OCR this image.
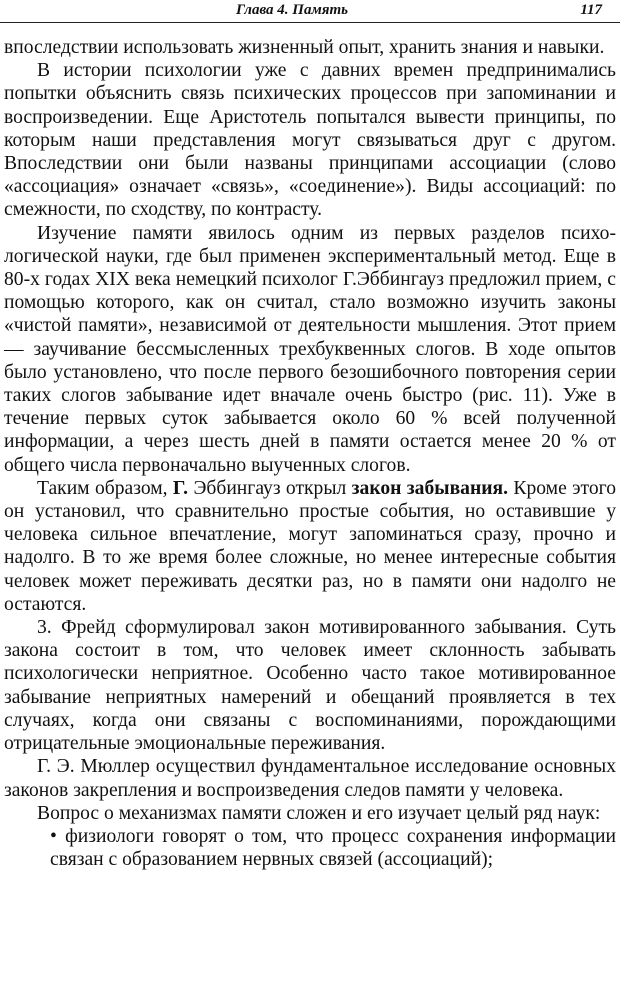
Глава 4. Память	117

впоследствии использовать жизненный опыт, хранить знания и навыки.

В истории психологии уже с давних времен предпринимались попытки объяснить связь психических процессов при запоминании и воспроизведении. Еще Аристотель попытался вывести принципы, по которым наши представления могут связываться друг с другом. Впоследствии они были названы принципами ассоциации (слово «ассоциация» означает «связь», «соединение»). Виды ассоциаций: по смежности, по сходству, по контрасту.

Изучение памяти явилось одним из первых разделов психологической науки, где был применен экспериментальный метод. Еще в 80-х годах XIX века немецкий психолог Г.Эббингауз предложил прием, с помощью которого, как он считал, стало возможно изучить законы «чистой памяти», независимой от деятельности мышления. Этот прием — заучивание бессмысленных трехбуквенных слогов. В ходе опытов было установлено, что после первого безошибочного повторения серии таких слогов забывание идет вначале очень быстро (рис. 11). Уже в течение первых суток забывается около 60 % всей полученной информации, а через шесть дней в памяти остается менее 20 % от общего числа первоначально выученных слогов.

Таким образом, Г. Эббингауз открыл закон забывания. Кроме этого он установил, что сравнительно простые события, но оставившие у человека сильное впечатление, могут запоминаться сразу, прочно и надолго. В то же время более сложные, но менее интересные события человек может переживать десятки раз, но в памяти они надолго не остаются.

3. Фрейд сформулировал закон мотивированного забывания. Суть закона состоит в том, что человек имеет склонность забывать психологически неприятное. Особенно часто такое мотивированное забывание неприятных намерений и обещаний проявляется в тех случаях, когда они связаны с воспоминаниями, порождающими отрицательные эмоциональные переживания.

Г. Э. Мюллер осуществил фундаментальное исследование основных законов закрепления и воспроизведения следов памяти у человека.

Вопрос о механизмах памяти сложен и его изучает целый ряд наук:

• физиологи говорят о том, что процесс сохранения информации связан с образованием нервных связей (ассоциаций);
